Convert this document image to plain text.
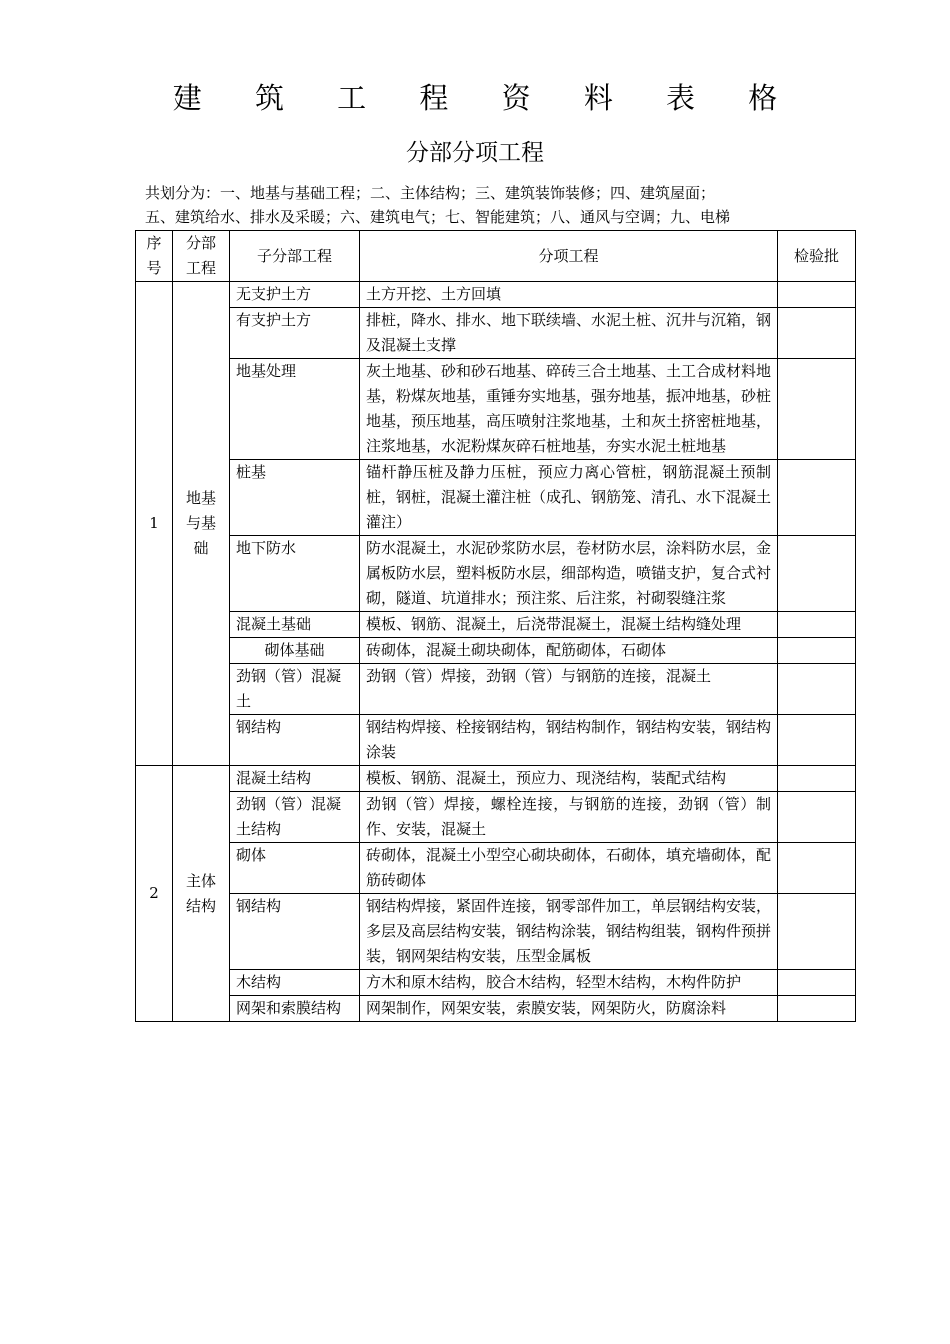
建 筑 工 程 资 料 表 格
分部分项工程
共划分为：一、地基与基础工程；二、主体结构；三、建筑装饰装修；四、建筑屋面；
五、建筑给水、排水及采暖；六、建筑电气；七、智能建筑；八、通风与空调；九、电梯
序号	分部工程	子分部工程	分项工程	检验批
1	地基与基础	无支护土方	土方开挖、土方回填	
		有支护土方	排桩，降水、排水、地下联续墙、水泥土桩、沉井与沉箱，钢及混凝土支撑	
		地基处理	灰土地基、砂和砂石地基、碎砖三合土地基、土工合成材料地基，粉煤灰地基，重锤夯实地基，强夯地基，振冲地基，砂桩地基，预压地基，高压喷射注浆地基，土和灰土挤密桩地基，注浆地基，水泥粉煤灰碎石桩地基，夯实水泥土桩地基	
		桩基	锚杆静压桩及静力压桩，预应力离心管桩，钢筋混凝土预制桩，钢桩，混凝土灌注桩（成孔、钢筋笼、清孔、水下混凝土灌注）	
		地下防水	防水混凝土，水泥砂浆防水层，卷材防水层，涂料防水层，金属板防水层，塑料板防水层，细部构造，喷锚支护，复合式衬砌，隧道、坑道排水；预注浆、后注浆，衬砌裂缝注浆	
		混凝土基础	模板、钢筋、混凝土，后浇带混凝土，混凝土结构缝处理	
		砌体基础	砖砌体，混凝土砌块砌体，配筋砌体，石砌体	
		劲钢（管）混凝土	劲钢（管）焊接，劲钢（管）与钢筋的连接，混凝土	
		钢结构	钢结构焊接、栓接钢结构，钢结构制作，钢结构安装，钢结构涂装	
2	主体结构	混凝土结构	模板、钢筋、混凝土，预应力、现浇结构，装配式结构	
		劲钢（管）混凝土结构	劲钢（管）焊接，螺栓连接，与钢筋的连接，劲钢（管）制作、安装，混凝土	
		砌体	砖砌体，混凝土小型空心砌块砌体，石砌体，填充墙砌体，配筋砖砌体	
		钢结构	钢结构焊接，紧固件连接，钢零部件加工，单层钢结构安装，多层及高层结构安装，钢结构涂装，钢结构组装，钢构件预拼装，钢网架结构安装，压型金属板	
		木结构	方木和原木结构，胶合木结构，轻型木结构，木构件防护	
		网架和索膜结构	网架制作，网架安装，索膜安装，网架防火，防腐涂料	
